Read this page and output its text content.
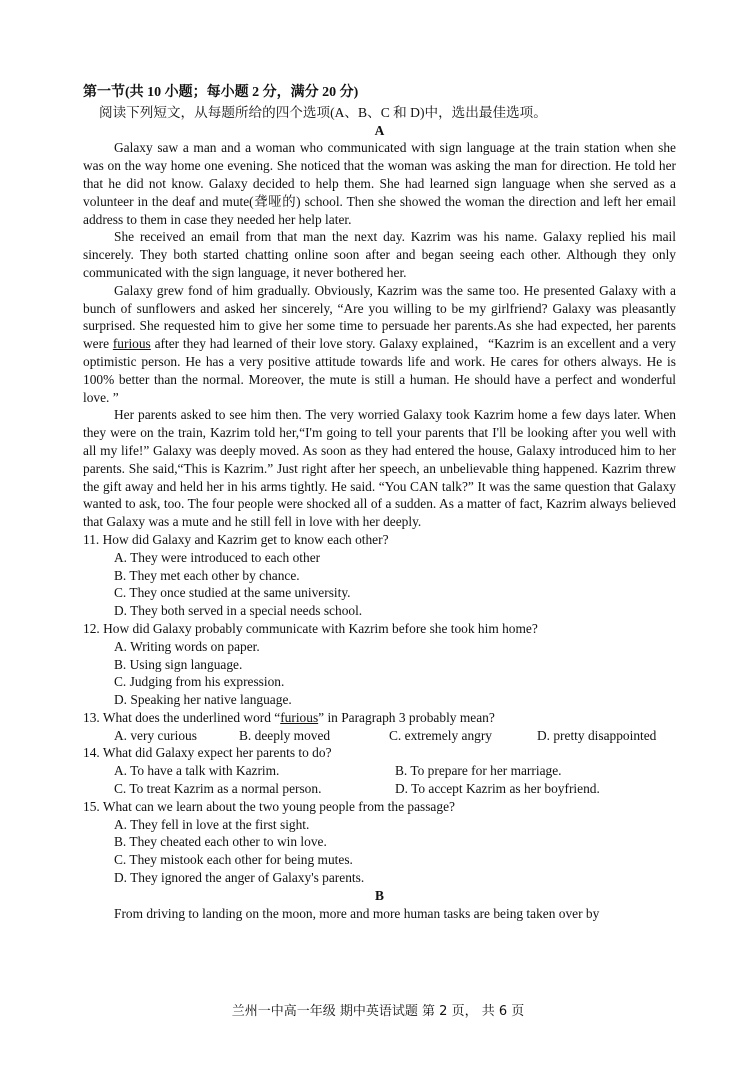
第一节(共 10 小题；每小题 2 分，满分 20 分)

阅读下列短文，从每题所给的四个选项(A、B、C 和 D)中，选出最佳选项。

A

Galaxy saw a man and a woman who communicated with sign language at the train station when she was on the way home one evening. She noticed that the woman was asking the man for direction. He told her that he did not know. Galaxy decided to help them. She had learned sign language when she served as a volunteer in the deaf and mute(聋哑的) school. Then she showed the woman the direction and left her email address to them in case they needed her help later.

She received an email from that man the next day. Kazrim was his name. Galaxy replied his mail sincerely. They both started chatting online soon after and began seeing each other. Although they only communicated with the sign language, it never bothered her.

Galaxy grew fond of him gradually. Obviously, Kazrim was the same too. He presented Galaxy with a bunch of sunflowers and asked her sincerely, “Are you willing to be my girlfriend? Galaxy was pleasantly surprised. She requested him to give her some time to persuade her parents.As she had expected, her parents were furious after they had learned of their love story. Galaxy explained，“Kazrim is an excellent and a very optimistic person. He has a very positive attitude towards life and work. He cares for others always. He is 100% better than the normal. Moreover, the mute is still a human. He should have a perfect and wonderful love. ”

Her parents asked to see him then. The very worried Galaxy took Kazrim home a few days later. When they were on the train, Kazrim told her,“I'm going to tell your parents that I'll be looking after you well with all my life!” Galaxy was deeply moved. As soon as they had entered the house, Galaxy introduced him to her parents. She said,“This is Kazrim.” Just right after her speech, an unbelievable thing happened. Kazrim threw the gift away and held her in his arms tightly. He said. “You CAN talk?” It was the same question that Galaxy wanted to ask, too. The four people were shocked all of a sudden. As a matter of fact, Kazrim always believed that Galaxy was a mute and he still fell in love with her deeply.

11. How did Galaxy and Kazrim get to know each other?

A. They were introduced to each other

B. They met each other by chance.

C. They once studied at the same university.

D. They both served in a special needs school.

12. How did Galaxy probably communicate with Kazrim before she took him home?

A. Writing words on paper.

B. Using sign language.

C. Judging from his expression.

D. Speaking her native language.

13. What does the underlined word “furious” in Paragraph 3 probably mean?

A. very curious	B. deeply moved	C. extremely angry	D. pretty disappointed

14. What did Galaxy expect her parents to do?

A. To have a talk with Kazrim.	B. To prepare for her marriage.
C. To treat Kazrim as a normal person.	D. To accept Kazrim as her boyfriend.

15. What can we learn about the two young people from the passage?

A. They fell in love at the first sight.

B. They cheated each other to win love.

C. They mistook each other for being mutes.

D. They ignored the anger of Galaxy's parents.

B

From driving to landing on the moon, more and more human tasks are being taken over by

兰州一中高一年级 期中英语试题 第 2 页， 共 6 页
